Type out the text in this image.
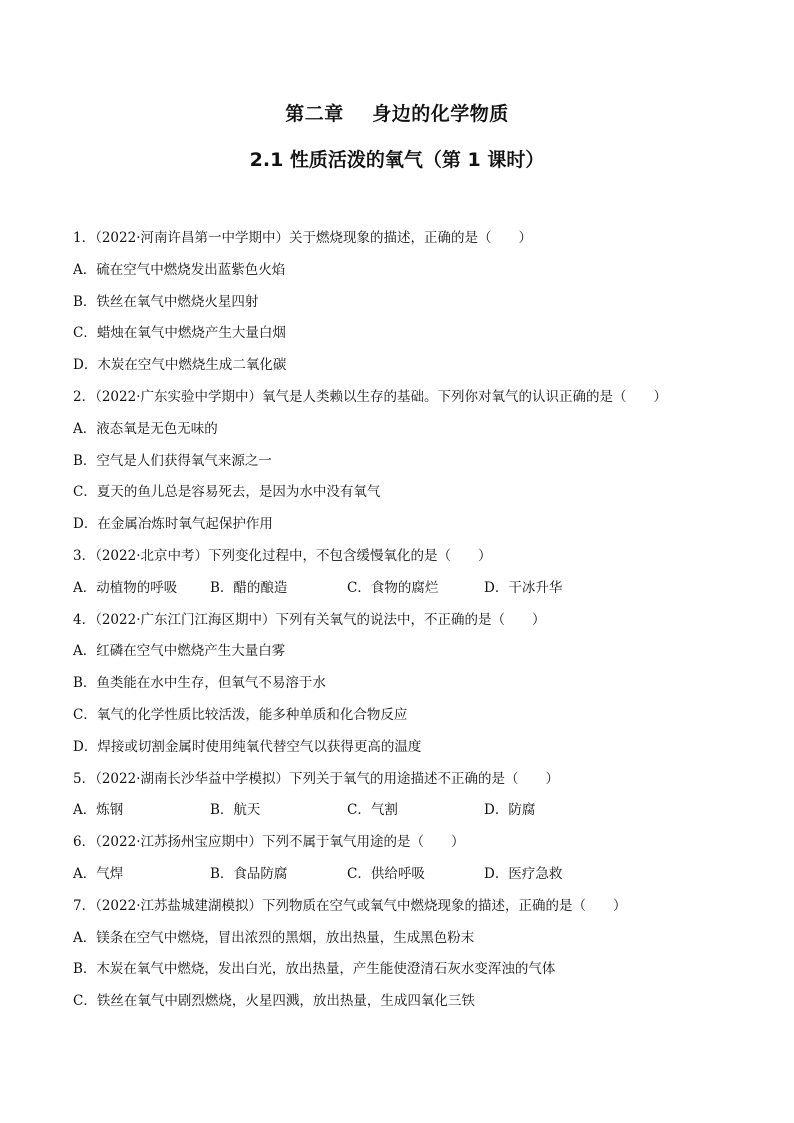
第二章    身边的化学物质
2.1 性质活泼的氧气（第 1 课时）
1．（2022·河南许昌第一中学期中）关于燃烧现象的描述，正确的是（　　）
A．硫在空气中燃烧发出蓝紫色火焰
B．铁丝在氧气中燃烧火星四射
C．蜡烛在氧气中燃烧产生大量白烟
D．木炭在空气中燃烧生成二氧化碳
2．（2022·广东实验中学期中）氧气是人类赖以生存的基础。下列你对氧气的认识正确的是（　　）
A．液态氧是无色无味的
B．空气是人们获得氧气来源之一
C．夏天的鱼儿总是容易死去，是因为水中没有氧气
D．在金属冶炼时氧气起保护作用
3．（2022·北京中考）下列变化过程中，不包含缓慢氧化的是（　　）
A．动植物的呼吸	B．醋的酿造	C．食物的腐烂	D．干冰升华
4．（2022·广东江门江海区期中）下列有关氧气的说法中，不正确的是（　　）
A．红磷在空气中燃烧产生大量白雾
B．鱼类能在水中生存，但氧气不易溶于水
C．氧气的化学性质比较活泼，能多种单质和化合物反应
D．焊接或切割金属时使用纯氧代替空气以获得更高的温度
5．（2022·湖南长沙华益中学模拟）下列关于氧气的用途描述不正确的是（　　）
A．炼钢	B．航天	C．气割	D．防腐
6．（2022·江苏扬州宝应期中）下列不属于氧气用途的是（　　）
A．气焊	B．食品防腐	C．供给呼吸	D．医疗急救
7．（2022·江苏盐城建湖模拟）下列物质在空气或氧气中燃烧现象的描述，正确的是（　　）
A．镁条在空气中燃烧，冒出浓烈的黑烟，放出热量，生成黑色粉末
B．木炭在氧气中燃烧，发出白光，放出热量，产生能使澄清石灰水变浑浊的气体
C．铁丝在氧气中剧烈燃烧，火星四溅，放出热量，生成四氧化三铁
